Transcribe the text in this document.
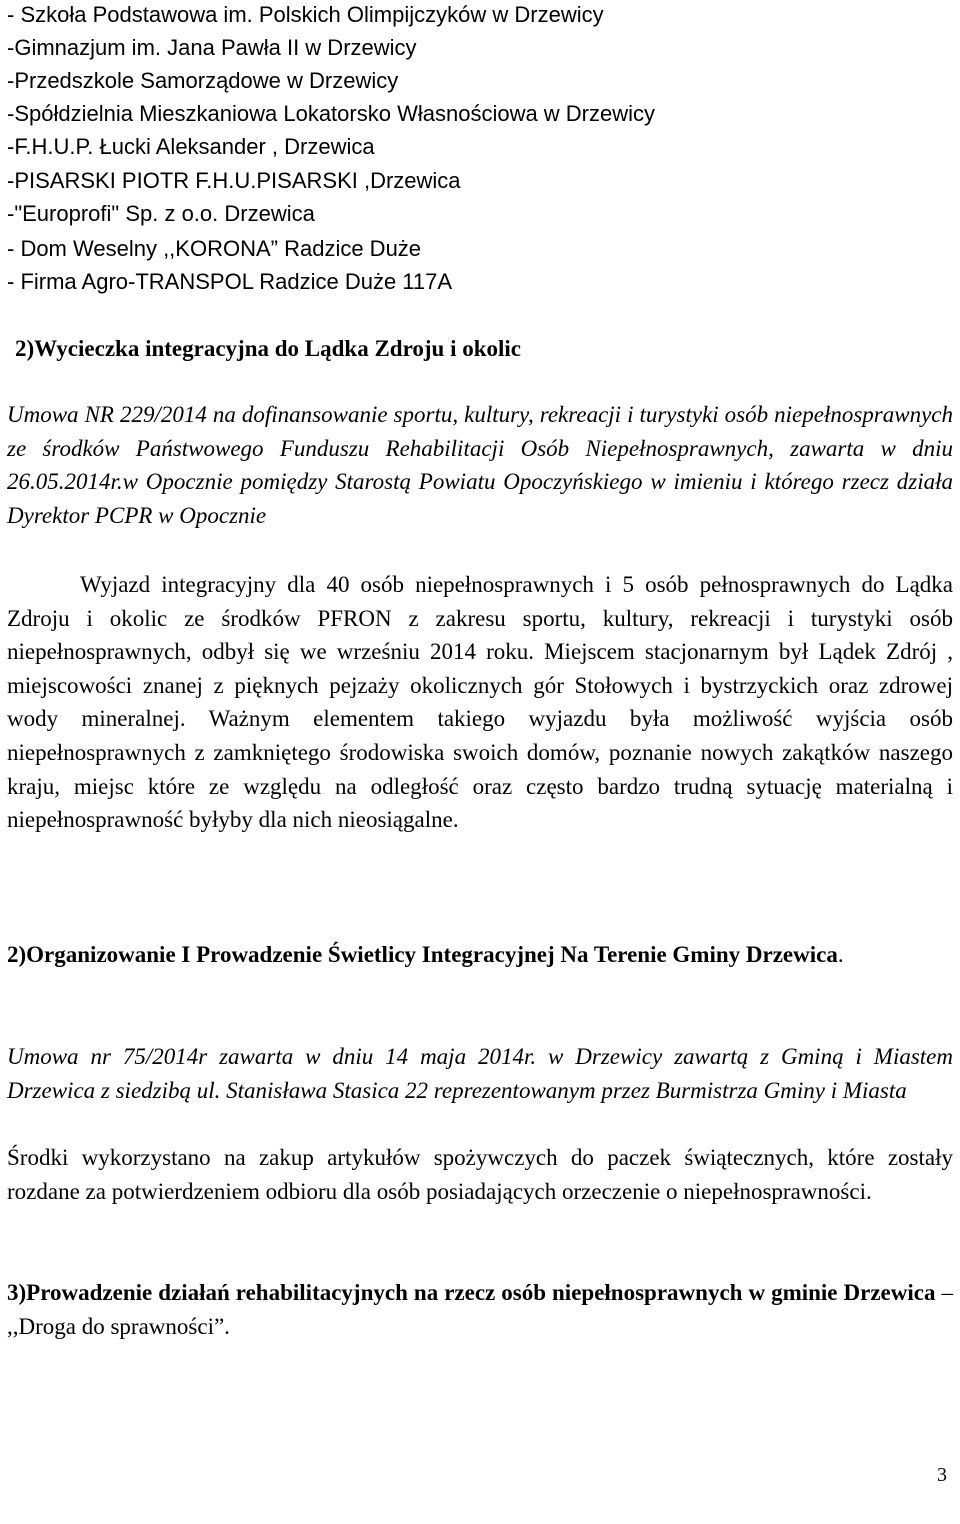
- Szkoła Podstawowa im. Polskich Olimpijczyków w Drzewicy
-Gimnazjum im. Jana Pawła II w Drzewicy
-Przedszkole Samorządowe w Drzewicy
-Spółdzielnia Mieszkaniowa Lokatorsko Własnościowa w Drzewicy
-F.H.U.P. Łucki Aleksander , Drzewica
-PISARSKI PIOTR F.H.U.PISARSKI ,Drzewica
-"Europrofi" Sp. z o.o. Drzewica
- Dom Weselny ,,KORONA” Radzice Duże
- Firma Agro-TRANSPOL Radzice Duże 117A
2)Wycieczka integracyjna do Lądka Zdroju i okolic
Umowa NR 229/2014 na dofinansowanie sportu, kultury, rekreacji i turystyki osób niepełnosprawnych ze środków Państwowego Funduszu Rehabilitacji Osób Niepełnosprawnych, zawarta w dniu 26.05.2014r.w Opocznie pomiędzy Starostą Powiatu Opoczyńskiego w imieniu i którego rzecz działa Dyrektor PCPR w Opocznie
Wyjazd integracyjny dla 40 osób niepełnosprawnych i 5 osób pełnosprawnych do Lądka Zdroju i okolic ze środków PFRON z zakresu sportu, kultury, rekreacji i turystyki osób niepełnosprawnych, odbył się we wrześniu 2014 roku. Miejscem stacjonarnym był Lądek Zdrój , miejscowości znanej z pięknych pejzaży okolicznych gór Stołowych i bystrzyckich oraz zdrowej wody mineralnej. Ważnym elementem takiego wyjazdu była możliwość wyjścia osób niepełnosprawnych z zamkniętego środowiska swoich domów, poznanie nowych zakątków naszego kraju, miejsc które ze względu na odległość oraz często bardzo trudną sytuację materialną i niepełnosprawność byłyby dla nich nieosiągalne.
2)Organizowanie I Prowadzenie Świetlicy Integracyjnej Na Terenie Gminy Drzewica.
Umowa nr 75/2014r zawarta w dniu 14 maja 2014r. w Drzewicy zawartą z Gminą i Miastem Drzewica z siedzibą ul. Stanisława Stasica 22 reprezentowanym przez Burmistrza Gminy i Miasta
Środki wykorzystano na zakup artykułów spożywczych do paczek świątecznych, które zostały rozdane za potwierdzeniem odbioru dla osób posiadających orzeczenie o niepełnosprawności.
3)Prowadzenie działań rehabilitacyjnych na rzecz osób niepełnosprawnych w gminie Drzewica – ,,Droga do sprawności”.
3
